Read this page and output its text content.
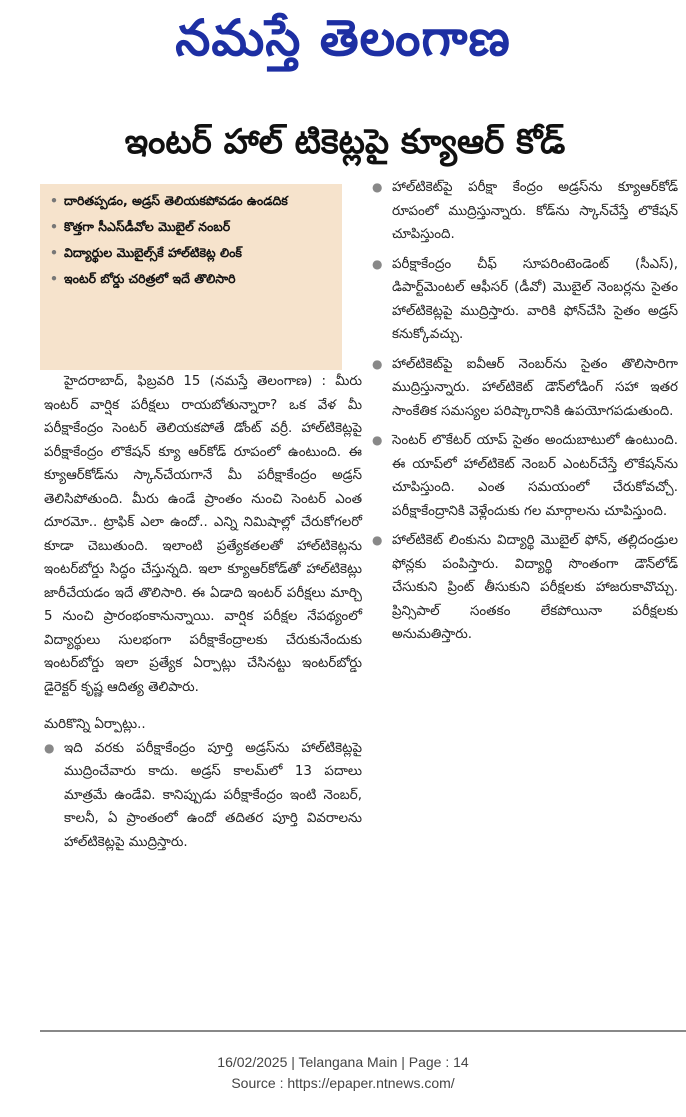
నమస్తే తెలంగాణ
ఇంటర్ హాల్ టికెట్లపై క్యూఆర్ కోడ్
• దారితప్పడం, అడ్రస్ తెలియకపోవడం ఉండదిక
• కొత్తగా సీఎస్‌డీవోల మొబైల్ నంబర్
• విద్యార్థుల మొబైల్స్‌కే హాల్‌టికెట్ల లింక్
• ఇంటర్ బోర్డు చరిత్రలో ఇదే తొలిసారి

హైదరాబాద్, ఫిబ్రవరి 15 (నమస్తే తెలంగాణ) : మీరు ఇంటర్ వార్షిక పరీక్షలు రాయబోతున్నారా? ఒక వేళ మీ పరీక్షాకేంద్రం సెంటర్ తెలియకపోతే డోంట్ వర్రీ. హాల్‌టికెట్లపై పరీక్షాకేంద్రం లొకేషన్ క్యూ ఆర్‌కోడ్ రూపంలో ఉంటుంది. ఈ క్యూఆర్‌కోడ్‌ను స్కాన్‌చేయగానే మీ పరీక్షాకేంద్రం అడ్రస్ తెలిసిపోతుంది. మీరు ఉండే ప్రాంతం నుంచి సెంటర్ ఎంత దూరమో.. ట్రాఫిక్ ఎలా ఉందో.. ఎన్ని నిమిషాల్లో చేరుకోగలరో కూడా చెబుతుంది. ఇలాంటి ప్రత్యేకతలతో హాల్‌టికెట్లను ఇంటర్‌బోర్డు సిద్ధం చేస్తున్నది. ఇలా క్యూఆర్‌కోడ్‌తో హాల్‌టికెట్లు జారీచేయడం ఇదే తొలిసారి. ఈ ఏడాది ఇంటర్ పరీక్షలు మార్చి 5 నుంచి ప్రారంభంకానున్నాయి. వార్షిక పరీక్షల నేపథ్యంలో విద్యార్థులు సులభంగా పరీక్షాకేంద్రాలకు చేరుకునేందుకు ఇంటర్‌బోర్డు ఇలా ప్రత్యేక ఏర్పాట్లు చేసినట్టు ఇంటర్‌బోర్డు డైరెక్టర్ కృష్ణ ఆదిత్య తెలిపారు.

మరికొన్ని ఏర్పాట్లు..
● ఇది వరకు పరీక్షాకేంద్రం పూర్తి అడ్రస్‌ను హాల్‌టికెట్లపై ముద్రించేవారు కాదు. అడ్రస్ కాలమ్‌లో 13 పదాలు మాత్రమే ఉండేవి. కానిప్పుడు పరీక్షాకేంద్రం ఇంటి నెంబర్, కాలనీ, ఏ ప్రాంతంలో ఉందో తదితర పూర్తి వివరాలను హాల్‌టికెట్లపై ముద్రిస్తారు.
● హాల్‌టికెట్‌పై పరీక్షా కేంద్రం అడ్రస్‌ను క్యూఆర్‌కోడ్ రూపంలో ముద్రిస్తున్నారు. కోడ్‌ను స్కాన్‌చేస్తే లొకేషన్ చూపిస్తుంది.
● పరీక్షాకేంద్రం చీఫ్ సూపరింటెండెంట్ (సీఎస్), డిపార్ట్‌మెంటల్ ఆఫీసర్ (డీవో) మొబైల్ నెంబర్లను సైతం హాల్‌టికెట్లపై ముద్రిస్తారు. వారికి ఫోన్‌చేసి సైతం అడ్రస్ కనుక్కోవచ్చు.
● హాల్‌టికెట్‌పై ఐవీఆర్ నెంబర్‌ను సైతం తొలిసారిగా ముద్రిస్తున్నారు. హాల్‌టికెట్ డౌన్‌లోడింగ్ సహా ఇతర సాంకేతిక సమస్యల పరిష్కారానికి ఉపయోగపడుతుంది.
● సెంటర్ లొకేటర్ యాప్ సైతం అందుబాటులో ఉంటుంది. ఈ యాప్‌లో హాల్‌టికెట్ నెంబర్ ఎంటర్‌చేస్తే లొకేషన్‌ను చూపిస్తుంది. ఎంత సమయంలో చేరుకోవచ్చో. పరీక్షాకేంద్రానికి వెళ్లేందుకు గల మార్గాలను చూపిస్తుంది.
● హాల్‌టికెట్ లింకును విద్యార్థి మొబైల్ ఫోన్, తల్లిదండ్రుల ఫోన్లకు పంపిస్తారు. విద్యార్థి సొంతంగా డౌన్‌లోడ్ చేసుకుని ప్రింట్ తీసుకుని పరీక్షలకు హాజరుకావొచ్చు. ప్రిన్సిపాల్ సంతకం లేకపోయినా పరీక్షలకు అనుమతిస్తారు.
16/02/2025 | Telangana Main | Page : 14
Source : https://epaper.ntnews.com/
